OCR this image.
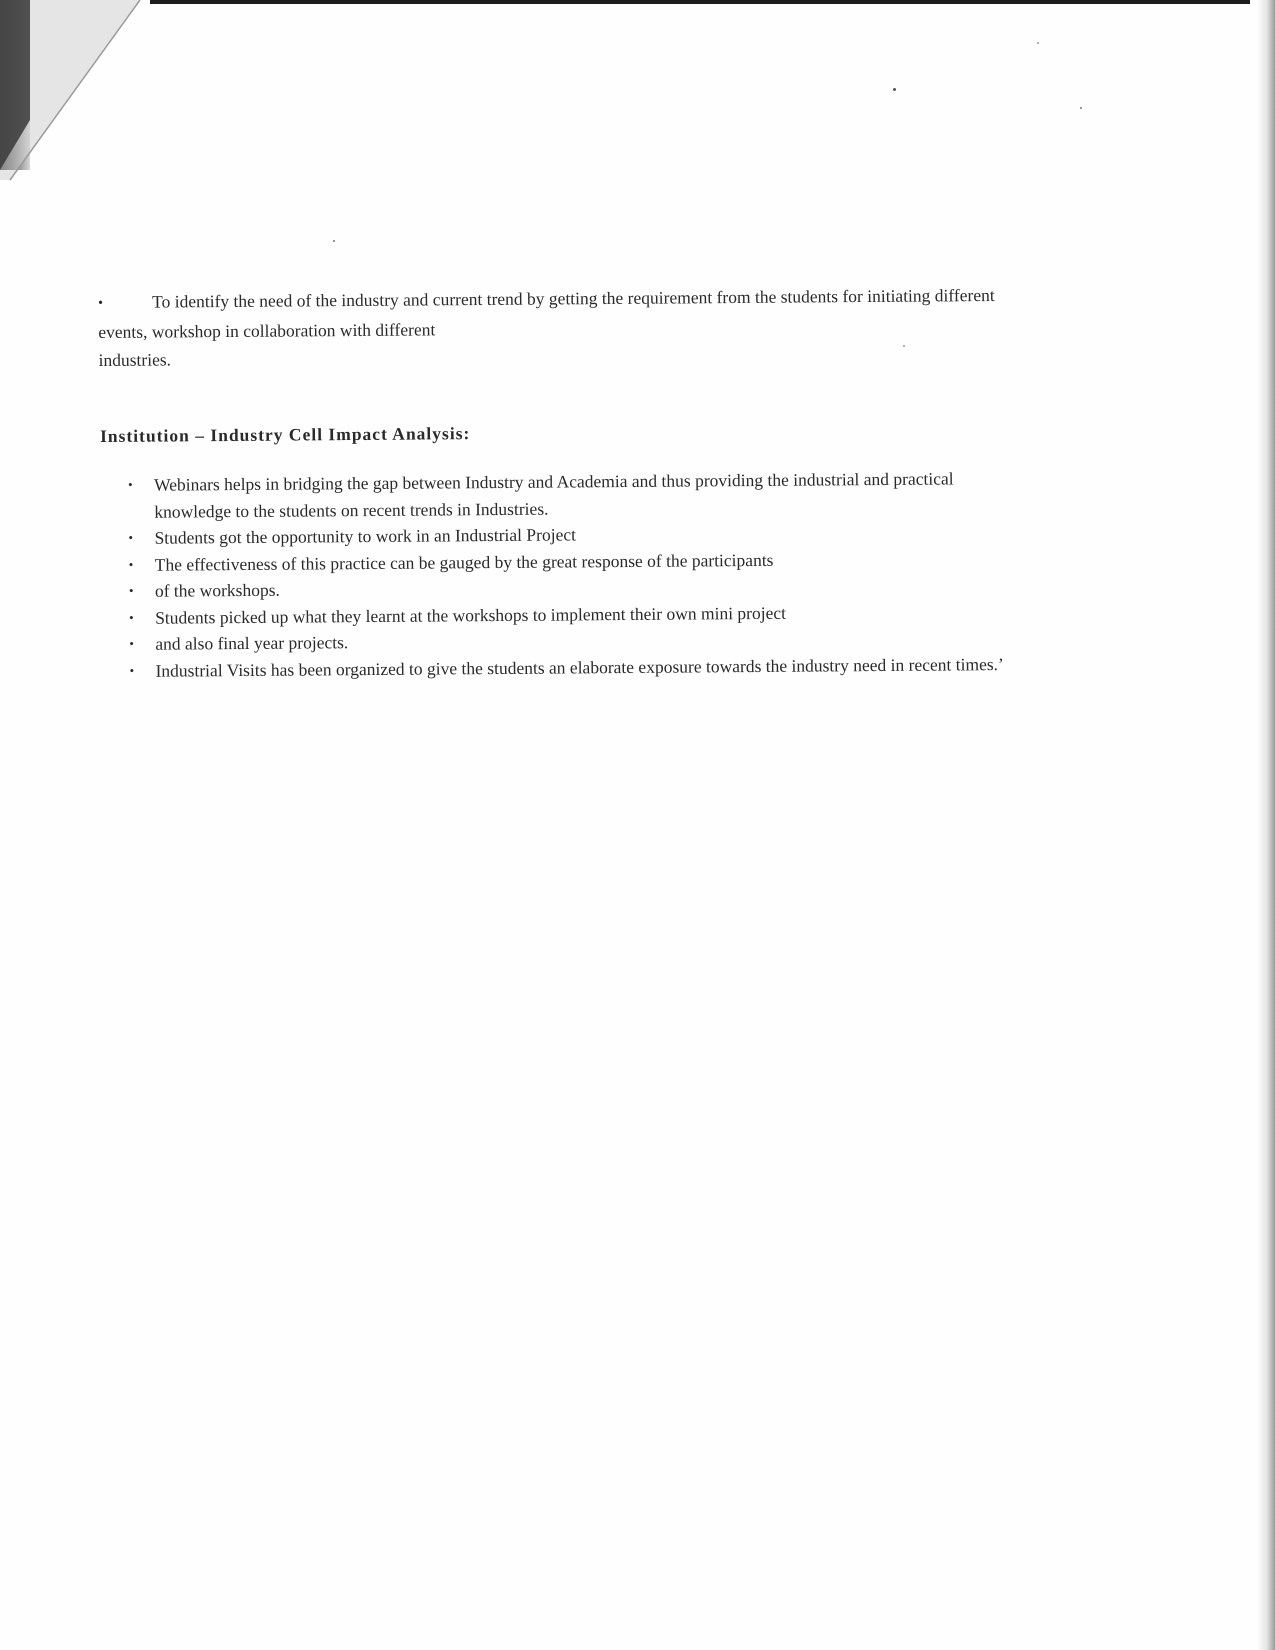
•	To identify the need of the industry and current trend by getting the requirement from the students for initiating different
events, workshop in collaboration with different
industries.
Institution – Industry Cell Impact Analysis:
• Webinars helps in bridging the gap between Industry and Academia and thus providing the industrial and practical
knowledge to the students on recent trends in Industries.
• Students got the opportunity to work in an Industrial Project
• The effectiveness of this practice can be gauged by the great response of the participants
• of the workshops.
• Students picked up what they learnt at the workshops to implement their own mini project
• and also final year projects.
• Industrial Visits has been organized to give the students an elaborate exposure towards the industry need in recent times.’
